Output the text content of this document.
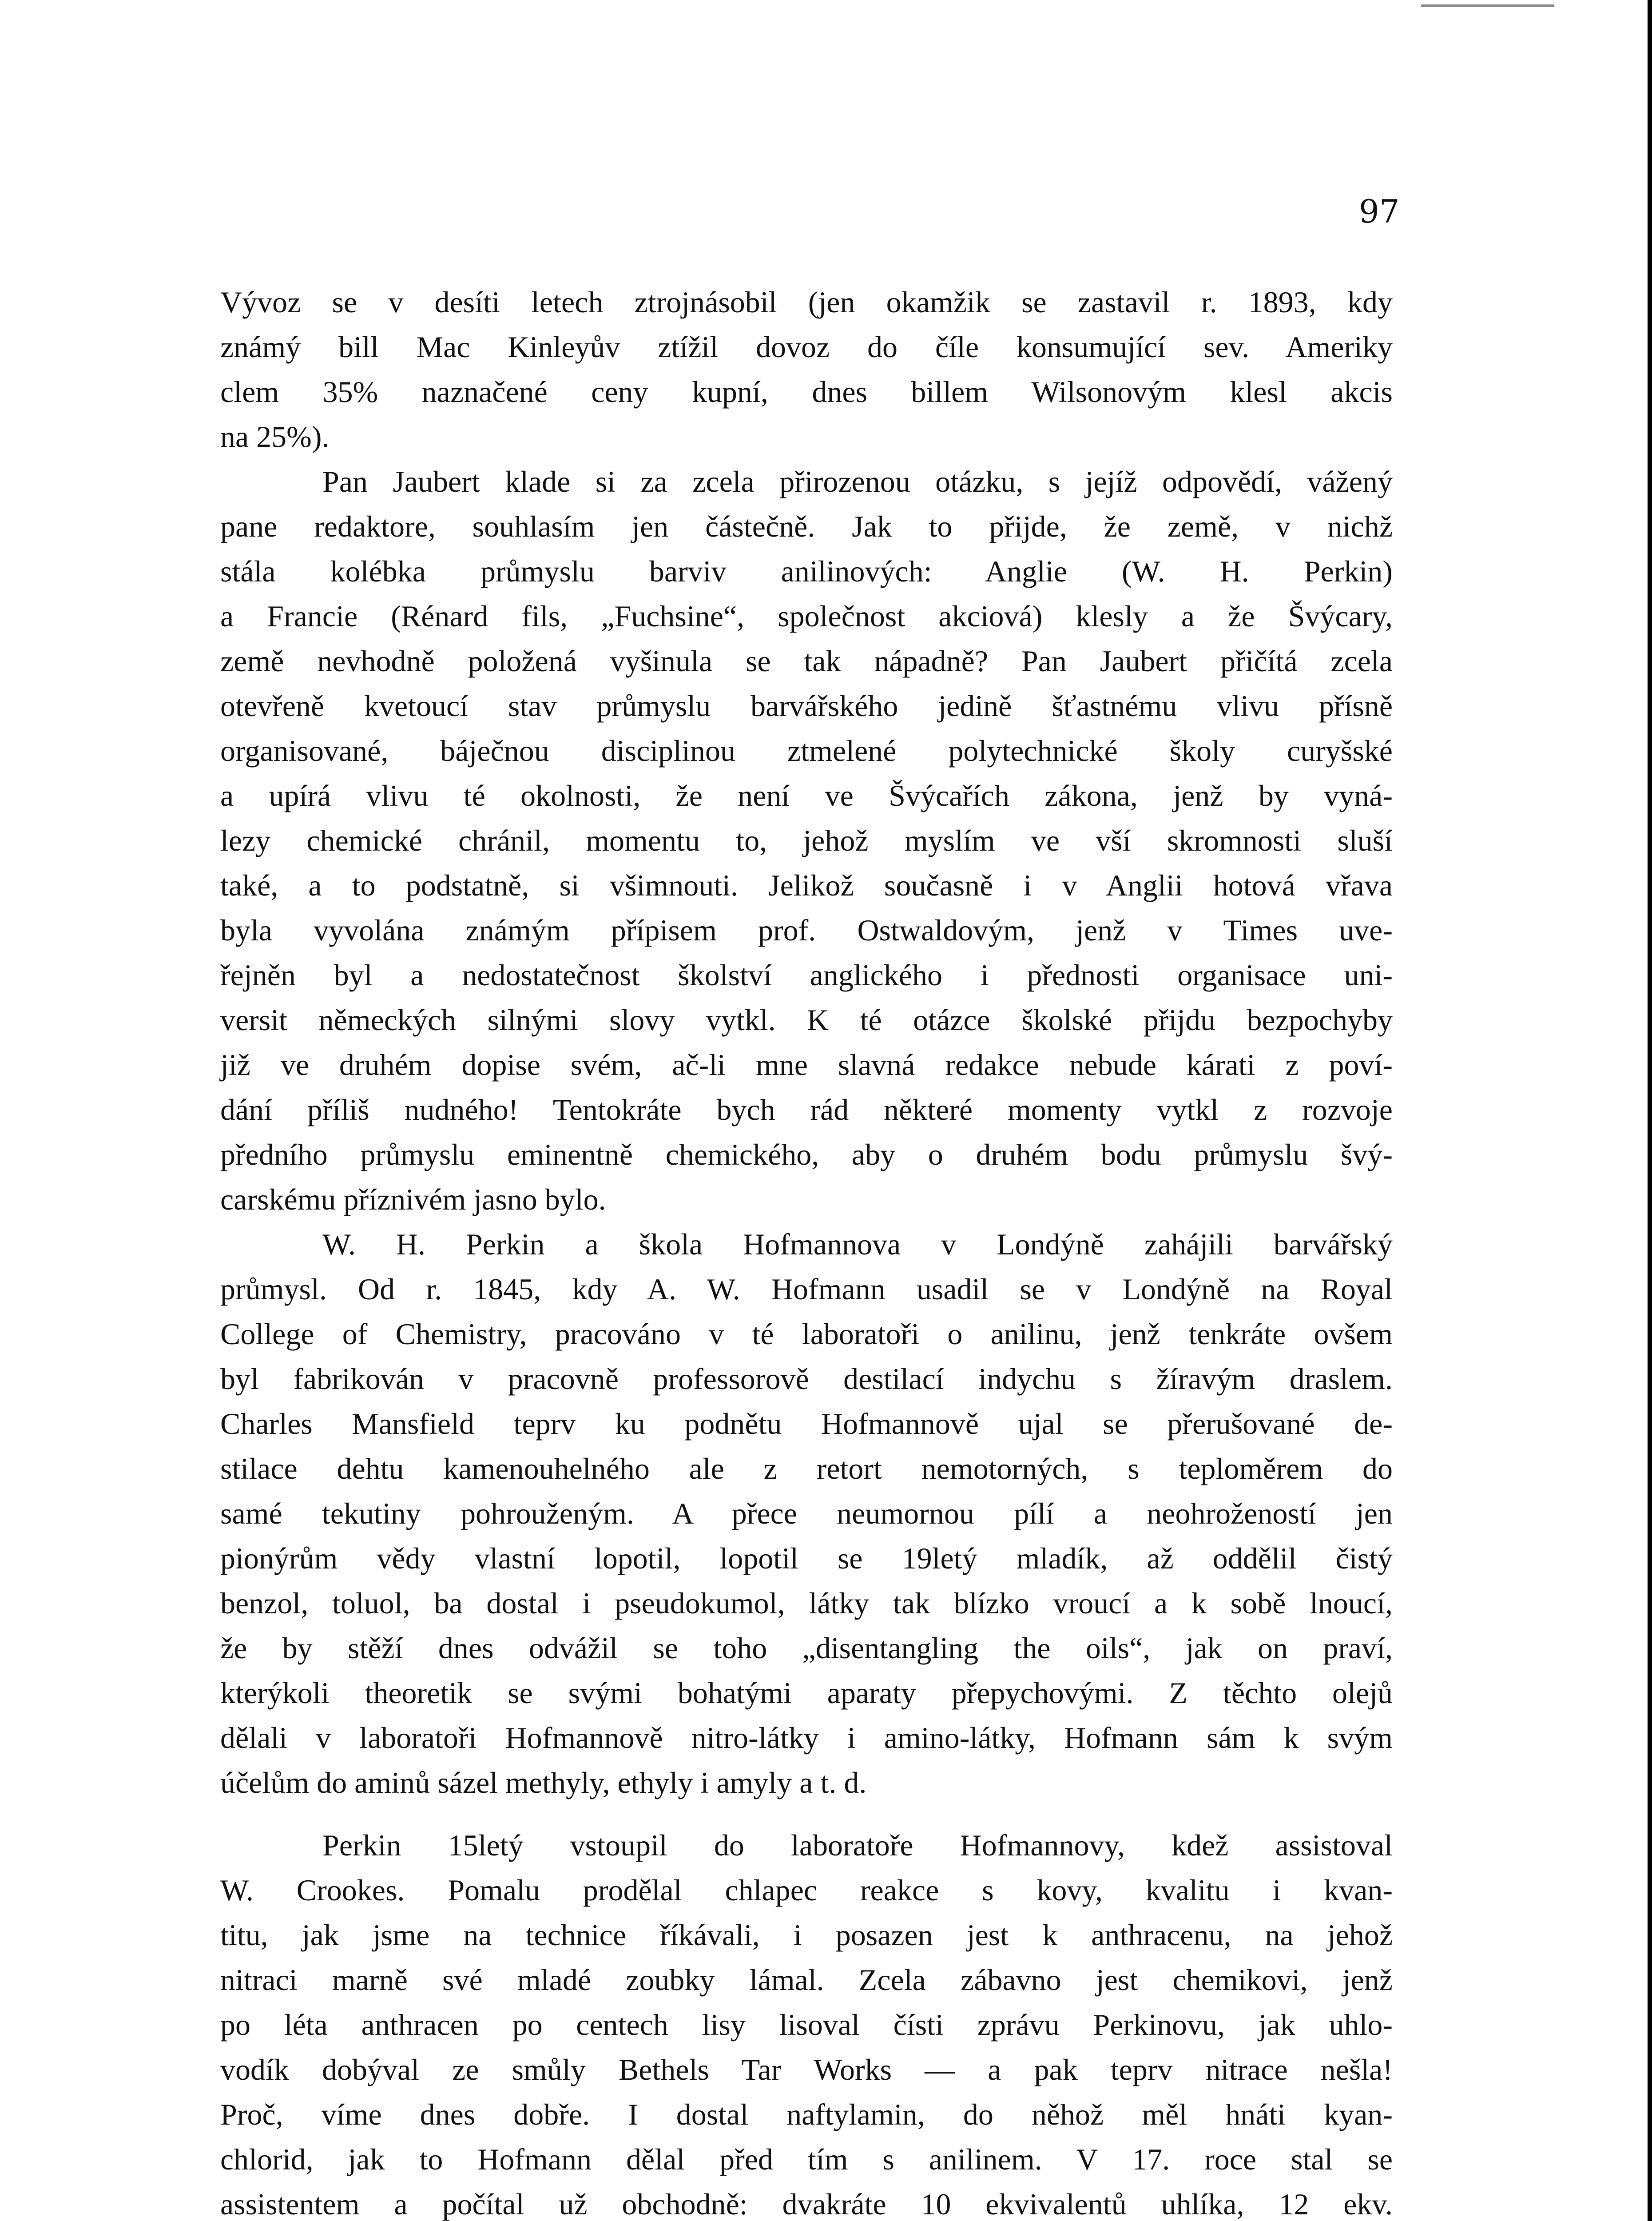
97
Vývoz se v desíti letech ztrojnásobil (jen okamžik se zastavil r. 1893, kdy
známý bill Mac Kinleyův ztížil dovoz do číle konsumující sev. Ameriky
clem 35% naznačené ceny kupní, dnes billem Wilsonovým klesl akcis
na 25%).
Pan Jaubert klade si za zcela přirozenou otázku, s jejíž odpovědí, vážený
pane redaktore, souhlasím jen částečně. Jak to přijde, že země, v nichž
stála kolébka průmyslu barviv anilinových: Anglie (W. H. Perkin)
a Francie (Rénard fils, „Fuchsine“, společnost akciová) klesly a že Švýcary,
země nevhodně položená vyšinula se tak nápadně? Pan Jaubert přičítá zcela
otevřeně kvetoucí stav průmyslu barvářského jedině šťastnému vlivu přísně
organisované, báječnou disciplinou ztmelené polytechnické školy curyšské
a upírá vlivu té okolnosti, že není ve Švýcařích zákona, jenž by vyná-
lezy chemické chránil, momentu to, jehož myslím ve vší skromnosti sluší
také, a to podstatně, si všimnouti. Jelikož současně i v Anglii hotová vřava
byla vyvolána známým přípisem prof. Ostwaldovým, jenž v Times uve-
řejněn byl a nedostatečnost školství anglického i přednosti organisace uni-
versit německých silnými slovy vytkl. K té otázce školské přijdu bezpochyby
již ve druhém dopise svém, ač-li mne slavná redakce nebude kárati z poví-
dání příliš nudného! Tentokráte bych rád některé momenty vytkl z rozvoje
předního průmyslu eminentně chemického, aby o druhém bodu průmyslu švý-
carskému příznivém jasno bylo.
W. H. Perkin a škola Hofmannova v Londýně zahájili barvářský
průmysl. Od r. 1845, kdy A. W. Hofmann usadil se v Londýně na Royal
College of Chemistry, pracováno v té laboratoři o anilinu, jenž tenkráte ovšem
byl fabrikován v pracovně professorově destilací indychu s žíravým draslem.
Charles Mansfield teprv ku podnětu Hofmannově ujal se přerušované de-
stilace dehtu kamenouhelného ale z retort nemotorných, s teploměrem do
samé tekutiny pohrouženým. A přece neumornou pílí a neohrožeností jen
pionýrům vědy vlastní lopotil, lopotil se 19letý mladík, až oddělil čistý
benzol, toluol, ba dostal i pseudokumol, látky tak blízko vroucí a k sobě lnoucí,
že by stěží dnes odvážil se toho „disentangling the oils“, jak on praví,
kterýkoli theoretik se svými bohatými aparaty přepychovými. Z těchto olejů
dělali v laboratoři Hofmannově nitro-látky i amino-látky, Hofmann sám k svým
účelům do aminů sázel methyly, ethyly i amyly a t. d.
Perkin 15letý vstoupil do laboratoře Hofmannovy, kdež assistoval
W. Crookes. Pomalu prodělal chlapec reakce s kovy, kvalitu i kvan-
titu, jak jsme na technice říkávali, i posazen jest k anthracenu, na jehož
nitraci marně své mladé zoubky lámal. Zcela zábavno jest chemikovi, jenž
po léta anthracen po centech lisy lisoval čísti zprávu Perkinovu, jak uhlo-
vodík dobýval ze smůly Bethels Tar Works — a pak teprv nitrace nešla!
Proč, víme dnes dobře. I dostal naftylamin, do něhož měl hnáti kyan-
chlorid, jak to Hofmann dělal před tím s anilinem. V 17. roce stal se
assistentem a počítal už obchodně: dvakráte 10 ekvivalentů uhlíka, 12 ekv.
